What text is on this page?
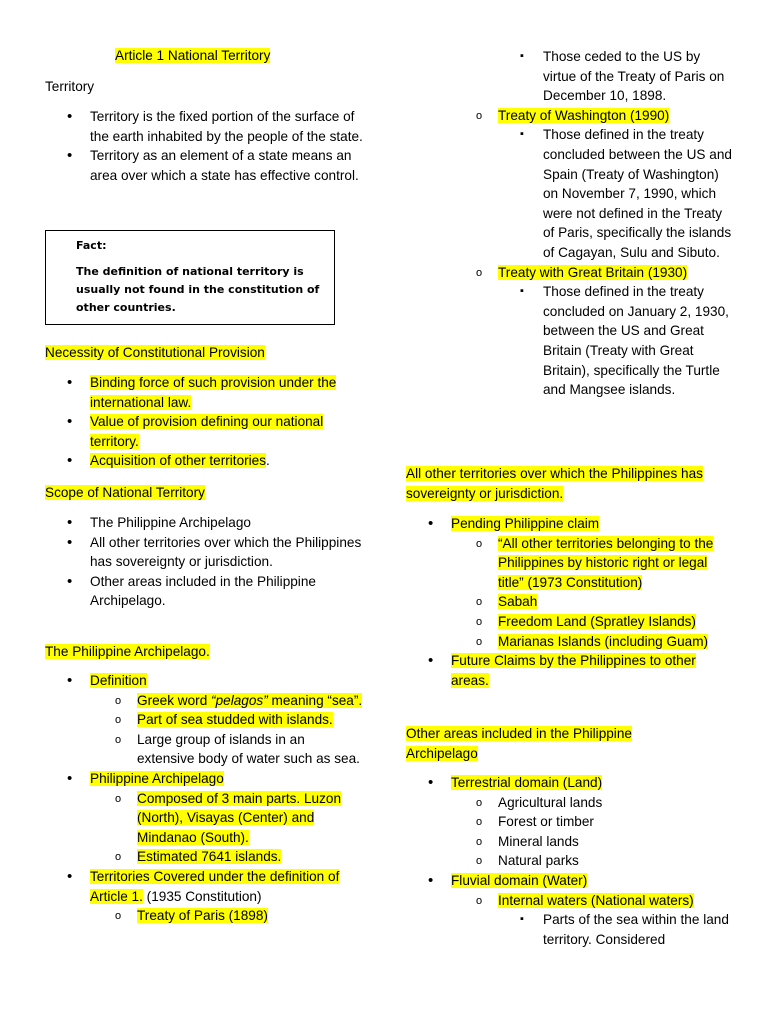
Article 1 National Territory

Territory

• Territory is the fixed portion of the surface of the earth inhabited by the people of the state.
• Territory as an element of a state means an area over which a state has effective control.
Fact:
The definition of national territory is usually not found in the constitution of other countries.

Necessity of Constitutional Provision

• Binding force of such provision under the international law.
• Value of provision defining our national territory.
• Acquisition of other territories.

Scope of National Territory

• The Philippine Archipelago
• All other territories over which the Philippines has sovereignty or jurisdiction.
• Other areas included in the Philippine Archipelago.

The Philippine Archipelago.

• Definition
o Greek word “pelagos” meaning “sea”.
o Part of sea studded with islands.
o Large group of islands in an extensive body of water such as sea.
• Philippine Archipelago
o Composed of 3 main parts. Luzon (North), Visayas (Center) and Mindanao (South).
o Estimated 7641 islands.
• Territories Covered under the definition of Article 1. (1935 Constitution)
o Treaty of Paris (1898)
▪ Those ceded to the US by virtue of the Treaty of Paris on December 10, 1898.
o Treaty of Washington (1990)
▪ Those defined in the treaty concluded between the US and Spain (Treaty of Washington) on November 7, 1990, which were not defined in the Treaty of Paris, specifically the islands of Cagayan, Sulu and Sibuto.
o Treaty with Great Britain (1930)
▪ Those defined in the treaty concluded on January 2, 1930, between the US and Great Britain (Treaty with Great Britain), specifically the Turtle and Mangsee islands.

All other territories over which the Philippines has sovereignty or jurisdiction.

• Pending Philippine claim
o “All other territories belonging to the Philippines by historic right or legal title” (1973 Constitution)
o Sabah
o Freedom Land (Spratley Islands)
o Marianas Islands (including Guam)
• Future Claims by the Philippines to other areas.

Other areas included in the Philippine Archipelago

• Terrestrial domain (Land)
o Agricultural lands
o Forest or timber
o Mineral lands
o Natural parks
• Fluvial domain (Water)
o Internal waters (National waters)
▪ Parts of the sea within the land territory. Considered
